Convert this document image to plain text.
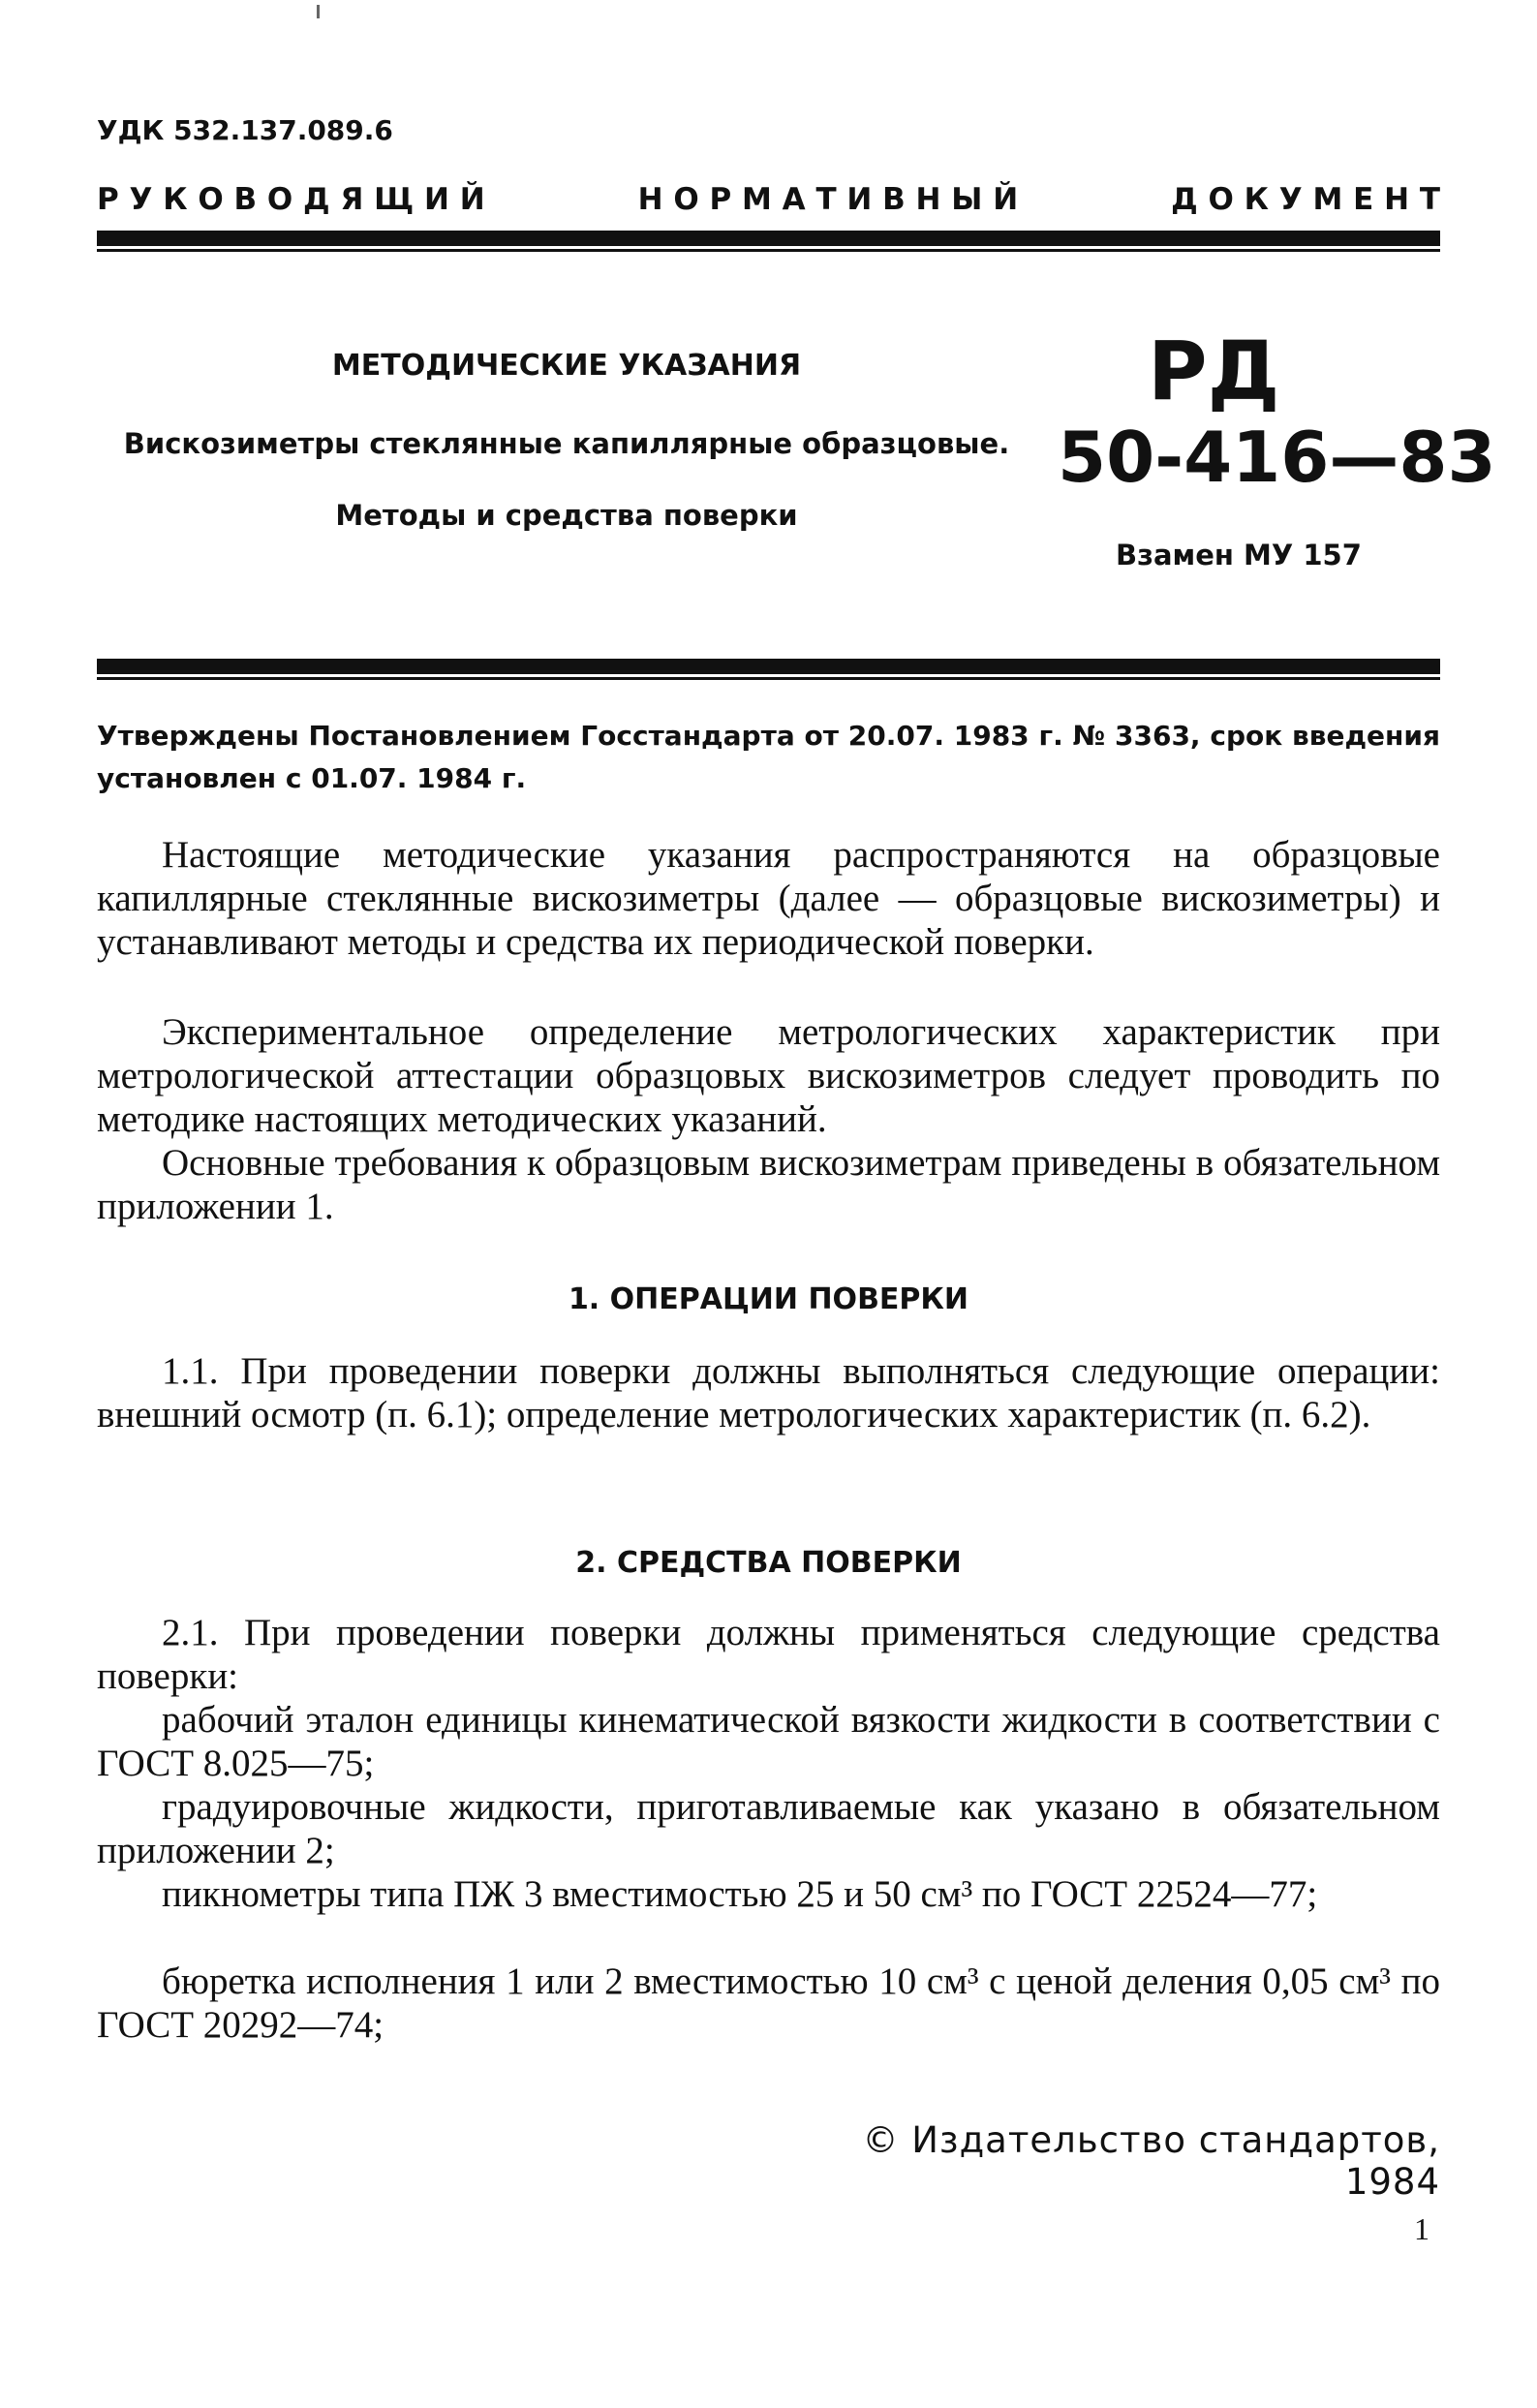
УДК 532.137.089.6
Р У К О В О Д Я Щ И Й	Н О Р М А Т И В Н Ы Й	Д О К У М Е Н Т
МЕТОДИЧЕСКИЕ УКАЗАНИЯ
Вискозиметры стеклянные капиллярные образцовые.
Методы и средства поверки
РД
50-416—83
Взамен МУ 157
Утверждены Постановлением Госстандарта от 20.07. 1983 г. № 3363, срок введения установлен с 01.07. 1984 г.
Настоящие методические указания распространяются на образцовые капиллярные стеклянные вискозиметры (далее — образцовые вискозиметры) и устанавливают методы и средства их периодической поверки.
Экспериментальное определение метрологических характеристик при метрологической аттестации образцовых вискозиметров следует проводить по методике настоящих методических указаний.
Основные требования к образцовым вискозиметрам приведены в обязательном приложении 1.
1. ОПЕРАЦИИ ПОВЕРКИ
1.1. При проведении поверки должны выполняться следующие операции: внешний осмотр (п. 6.1); определение метрологических характеристик (п. 6.2).
2. СРЕДСТВА ПОВЕРКИ
2.1. При проведении поверки должны применяться следующие средства поверки:
рабочий эталон единицы кинематической вязкости жидкости в соответствии с ГОСТ 8.025—75;
градуировочные жидкости, приготавливаемые как указано в обязательном приложении 2;
пикнометры типа ПЖ 3 вместимостью 25 и 50 см³ по ГОСТ 22524—77;
бюретка исполнения 1 или 2 вместимостью 10 см³ с ценой деления 0,05 см³ по ГОСТ 20292—74;
© Издательство стандартов, 1984
1
